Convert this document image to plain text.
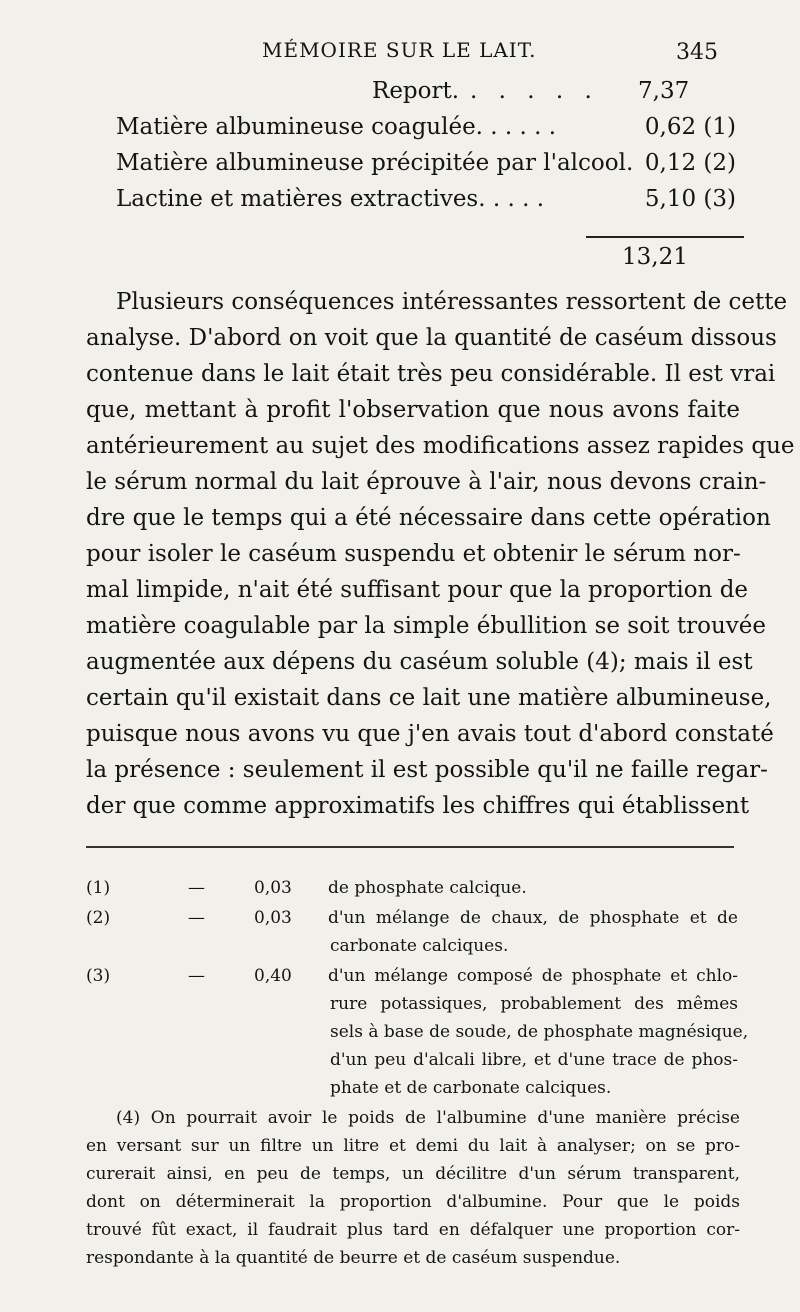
MÉMOIRE SUR LE LAIT.	345
Report. . . . . . 7,37
Matière albumineuse coagulée. . . . . .	0,62 (1)
Matière albumineuse précipitée par l'alcool. 0,12 (2)
Lactine et matières extractives. . . . .	5,10 (3)
13,21
Plusieurs conséquences intéressantes ressortent de cette
analyse. D'abord on voit que la quantité de caséum dissous
contenue dans le lait était très peu considérable. Il est vrai
que, mettant à profit l'observation que nous avons faite
antérieurement au sujet des modifications assez rapides que
le sérum normal du lait éprouve à l'air, nous devons crain-
dre que le temps qui a été nécessaire dans cette opération
pour isoler le caséum suspendu et obtenir le sérum nor-
mal limpide, n'ait été suffisant pour que la proportion de
matière coagulable par la simple ébullition se soit trouvée
augmentée aux dépens du caséum soluble (4); mais il est
certain qu'il existait dans ce lait une matière albumineuse,
puisque nous avons vu que j'en avais tout d'abord constaté
la présence : seulement il est possible qu'il ne faille regar-
der que comme approximatifs les chiffres qui établissent
(1)	—	0,03 de phosphate calcique.
(2)	—	0,03 d'un mélange de chaux, de phosphate et de
carbonate calciques.
(3)	—	0,40 d'un mélange composé de phosphate et chlo-
rure potassiques, probablement des mêmes
sels à base de soude, de phosphate magnésique,
d'un peu d'alcali libre, et d'une trace de phos-
phate et de carbonate calciques.
(4) On pourrait avoir le poids de l'albumine d'une manière précise
en versant sur un filtre un litre et demi du lait à analyser; on se pro-
curerait ainsi, en peu de temps, un décilitre d'un sérum transparent,
dont on déterminerait la proportion d'albumine. Pour que le poids
trouvé fût exact, il faudrait plus tard en défalquer une proportion cor-
respondante à la quantité de beurre et de caséum suspendue.
